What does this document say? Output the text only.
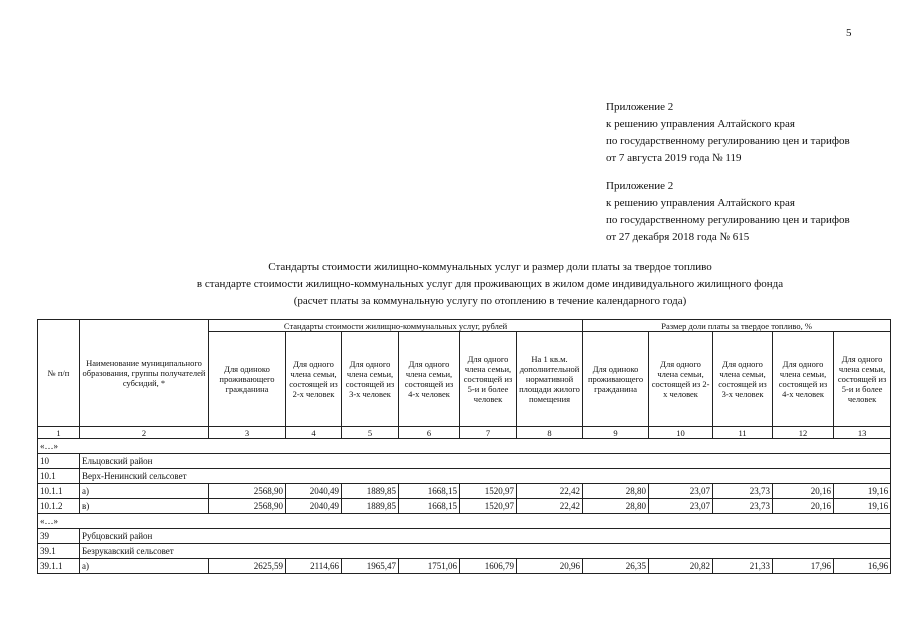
5
Приложение 2
к решению управления Алтайского края
по государственному регулированию цен и тарифов
от 7 августа 2019 года № 119
Приложение 2
к решению управления Алтайского края
по государственному регулированию цен и тарифов
от 27 декабря 2018 года № 615
Стандарты стоимости жилищно-коммунальных услуг и размер доли платы за твердое топливо
в стандарте стоимости жилищно-коммунальных услуг для проживающих в жилом доме индивидуального жилищного фонда
(расчет платы за коммунальную услугу по отоплению в течение календарного года)
№ п/п	Наименование муниципального образования, группы получателей субсидий, *	Стандарты стоимости жилищно-коммунальных услуг, рублей						Размер доли платы за твердое топливо, %				
		Для одиноко проживающего гражданина	Для одного члена семьи, состоящей из 2-х человек	Для одного члена семьи, состоящей из 3-х человек	Для одного члена семьи, состоящей из 4-х человек	Для одного члена семьи, состоящей из 5-и и более человек	На 1 кв.м. дополнительной нормативной площади жилого помещения	Для одиноко проживающего гражданина	Для одного члена семьи, состоящей из 2-х человек	Для одного члена семьи, состоящей из 3-х человек	Для одного члена семьи, состоящей из 4-х человек	Для одного члена семьи, состоящей из 5-и и более человек
1	2	3	4	5	6	7	8	9	10	11	12	13
«…»												
10	Ельцовский район											
10.1	Верх-Ненинский сельсовет											
10.1.1	а)	2568,90	2040,49	1889,85	1668,15	1520,97	22,42	28,80	23,07	23,73	20,16	19,16
10.1.2	в)	2568,90	2040,49	1889,85	1668,15	1520,97	22,42	28,80	23,07	23,73	20,16	19,16
«…»												
39	Рубцовский район											
39.1	Безрукавский сельсовет											
39.1.1	а)	2625,59	2114,66	1965,47	1751,06	1606,79	20,96	26,35	20,82	21,33	17,96	16,96
